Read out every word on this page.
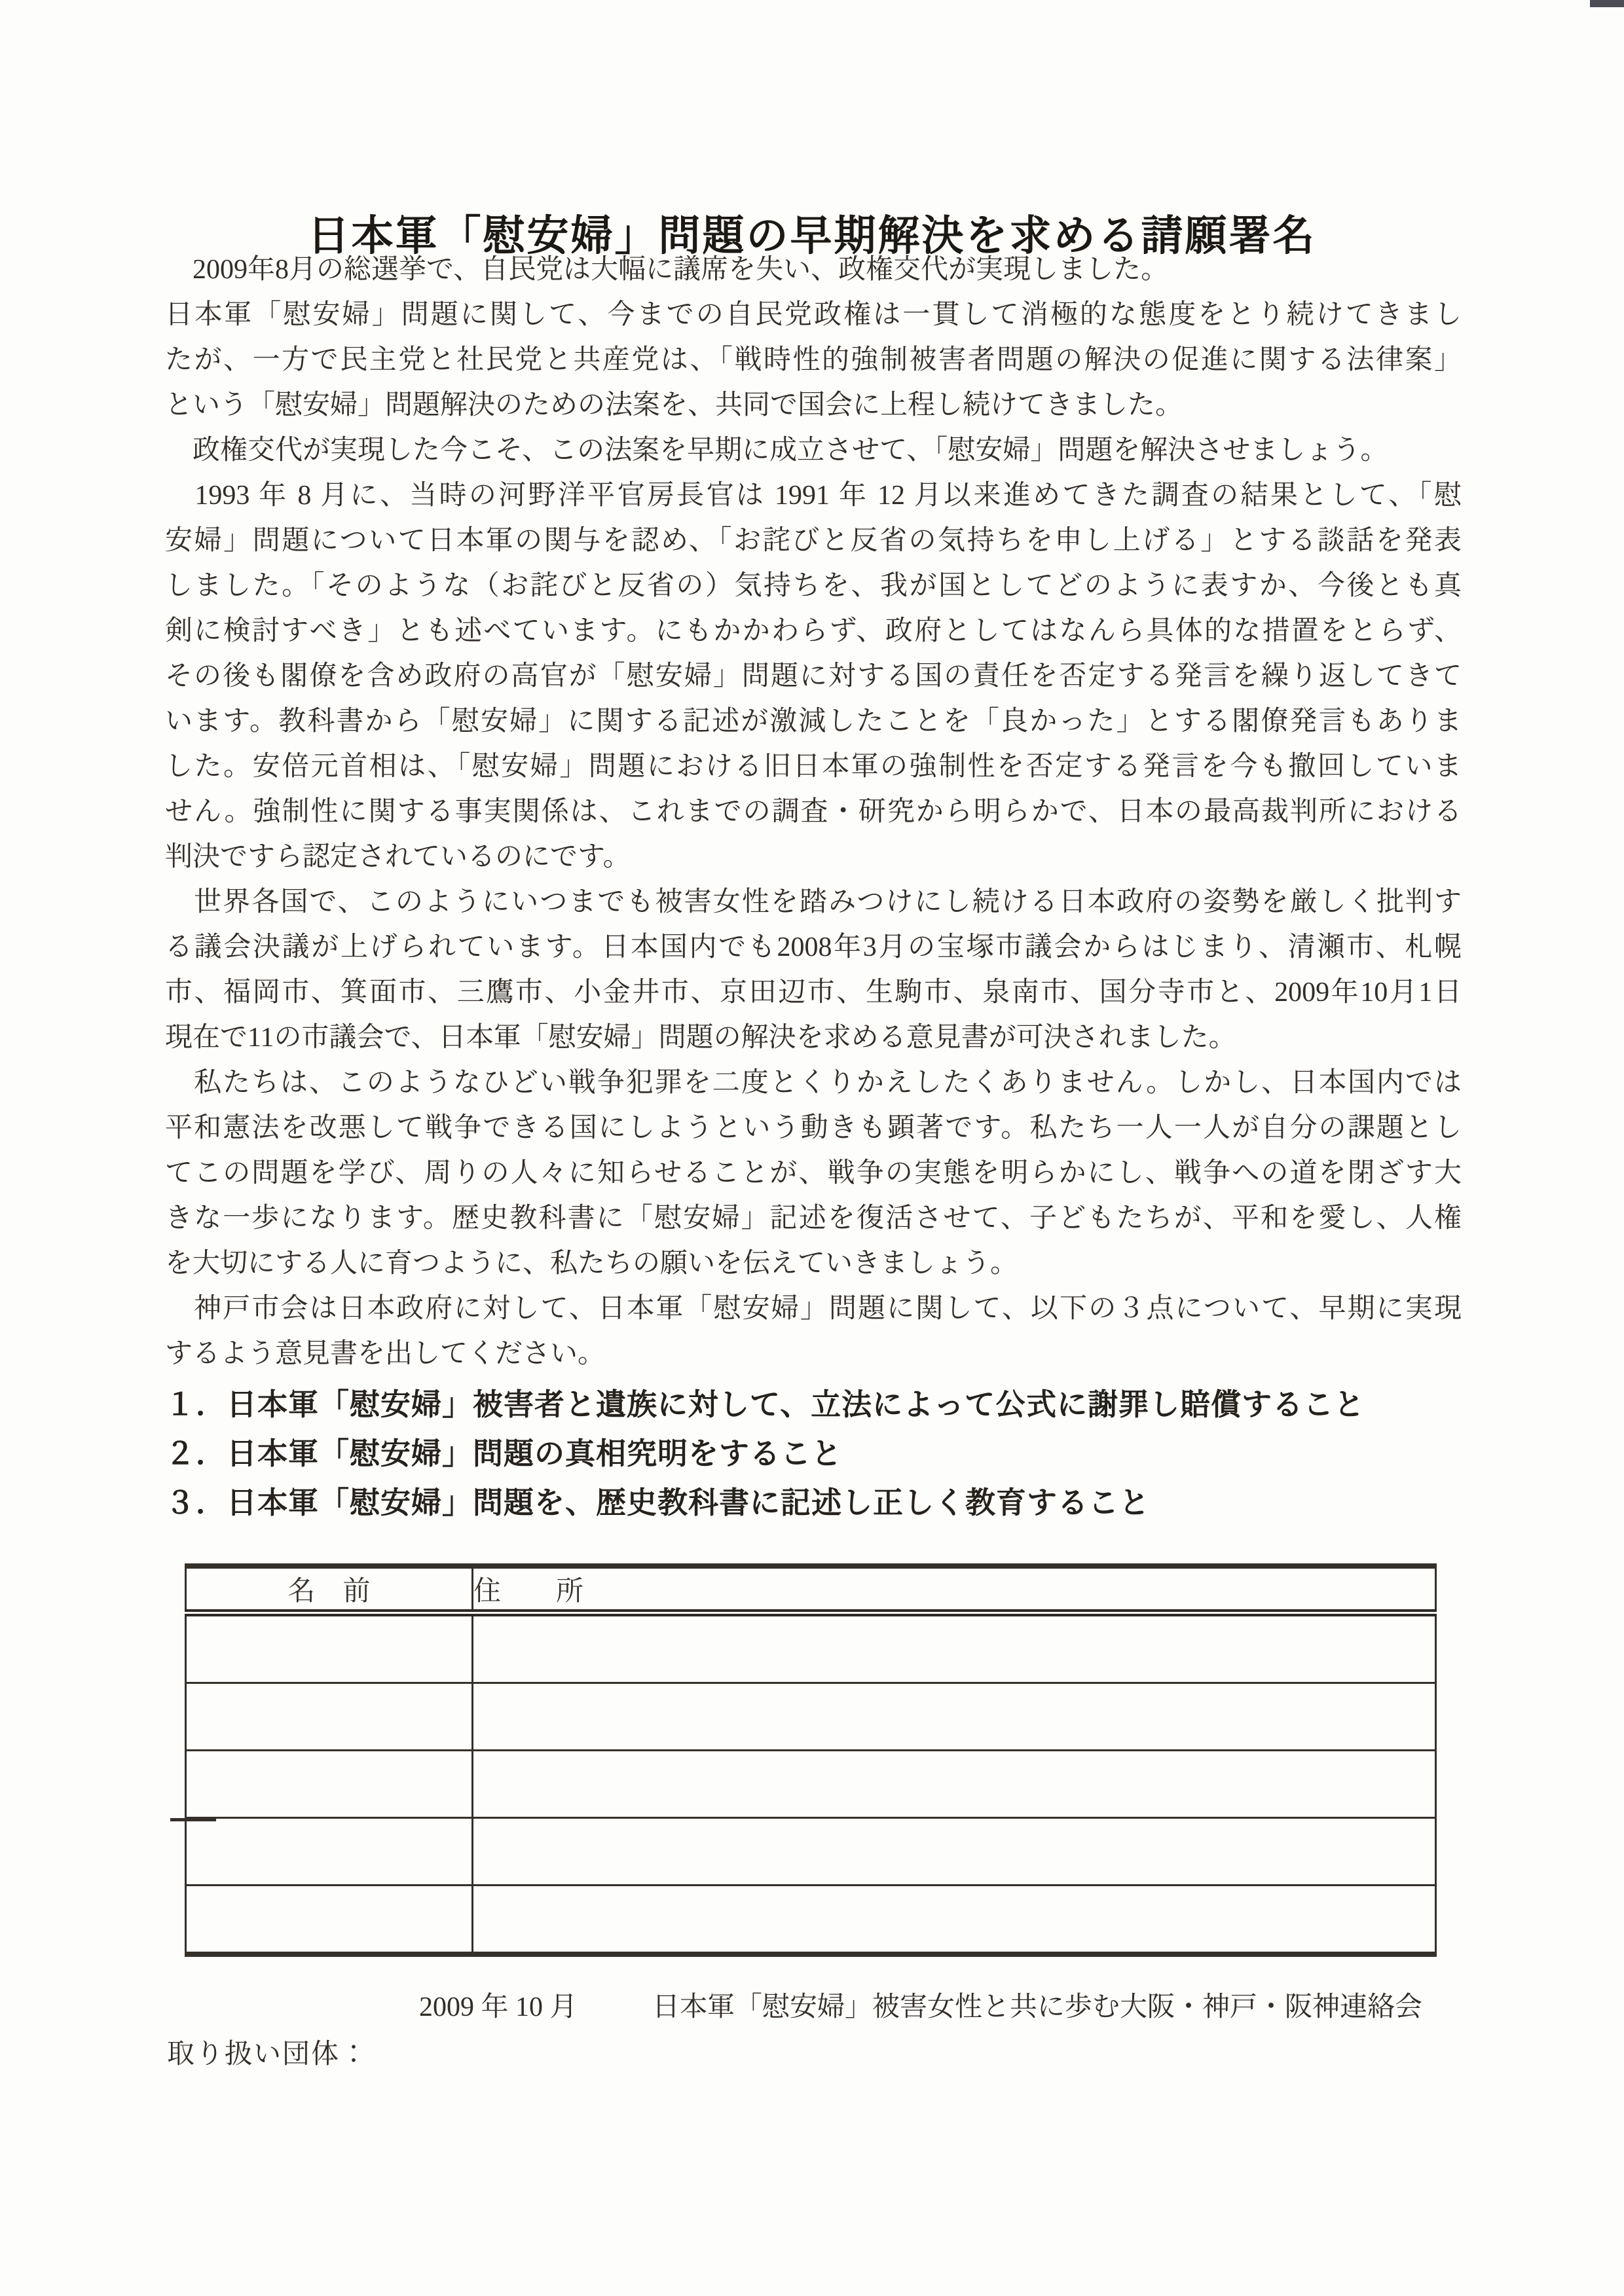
日本軍「慰安婦」問題の早期解決を求める請願署名

　2009年8月の総選挙で、自民党は大幅に議席を失い、政権交代が実現しました。

日本軍「慰安婦」問題に関して、今までの自民党政権は一貫して消極的な態度をとり続けてきまし

たが、一方で民主党と社民党と共産党は、「戦時性的強制被害者問題の解決の促進に関する法律案」

という「慰安婦」問題解決のための法案を、共同で国会に上程し続けてきました。

　政権交代が実現した今こそ、この法案を早期に成立させて、「慰安婦」問題を解決させましょう。

　1993 年 8 月に、当時の河野洋平官房長官は 1991 年 12 月以来進めてきた調査の結果として、「慰

安婦」問題について日本軍の関与を認め、「お詫びと反省の気持ちを申し上げる」とする談話を発表

しました。「そのような（お詫びと反省の）気持ちを、我が国としてどのように表すか、今後とも真

剣に検討すべき」とも述べています。にもかかわらず、政府としてはなんら具体的な措置をとらず、

その後も閣僚を含め政府の高官が「慰安婦」問題に対する国の責任を否定する発言を繰り返してきて

います。教科書から「慰安婦」に関する記述が激減したことを「良かった」とする閣僚発言もありま

した。安倍元首相は、「慰安婦」問題における旧日本軍の強制性を否定する発言を今も撤回していま

せん。強制性に関する事実関係は、これまでの調査・研究から明らかで、日本の最高裁判所における

判決ですら認定されているのにです。

　世界各国で、このようにいつまでも被害女性を踏みつけにし続ける日本政府の姿勢を厳しく批判す

る議会決議が上げられています。日本国内でも2008年3月の宝塚市議会からはじまり、清瀬市、札幌

市、福岡市、箕面市、三鷹市、小金井市、京田辺市、生駒市、泉南市、国分寺市と、2009年10月1日

現在で11の市議会で、日本軍「慰安婦」問題の解決を求める意見書が可決されました。

　私たちは、このようなひどい戦争犯罪を二度とくりかえしたくありません。しかし、日本国内では

平和憲法を改悪して戦争できる国にしようという動きも顕著です。私たち一人一人が自分の課題とし

てこの問題を学び、周りの人々に知らせることが、戦争の実態を明らかにし、戦争への道を閉ざす大

きな一歩になります。歴史教科書に「慰安婦」記述を復活させて、子どもたちが、平和を愛し、人権

を大切にする人に育つように、私たちの願いを伝えていきましょう。

　神戸市会は日本政府に対して、日本軍「慰安婦」問題に関して、以下の３点について、早期に実現

するよう意見書を出してください。

１．日本軍「慰安婦」被害者と遺族に対して、立法によって公式に謝罪し賠償すること

２．日本軍「慰安婦」問題の真相究明をすること

３．日本軍「慰安婦」問題を、歴史教科書に記述し正しく教育すること

名　前	住　　所

2009 年 10 月	日本軍「慰安婦」被害女性と共に歩む大阪・神戸・阪神連絡会
取り扱い団体：
